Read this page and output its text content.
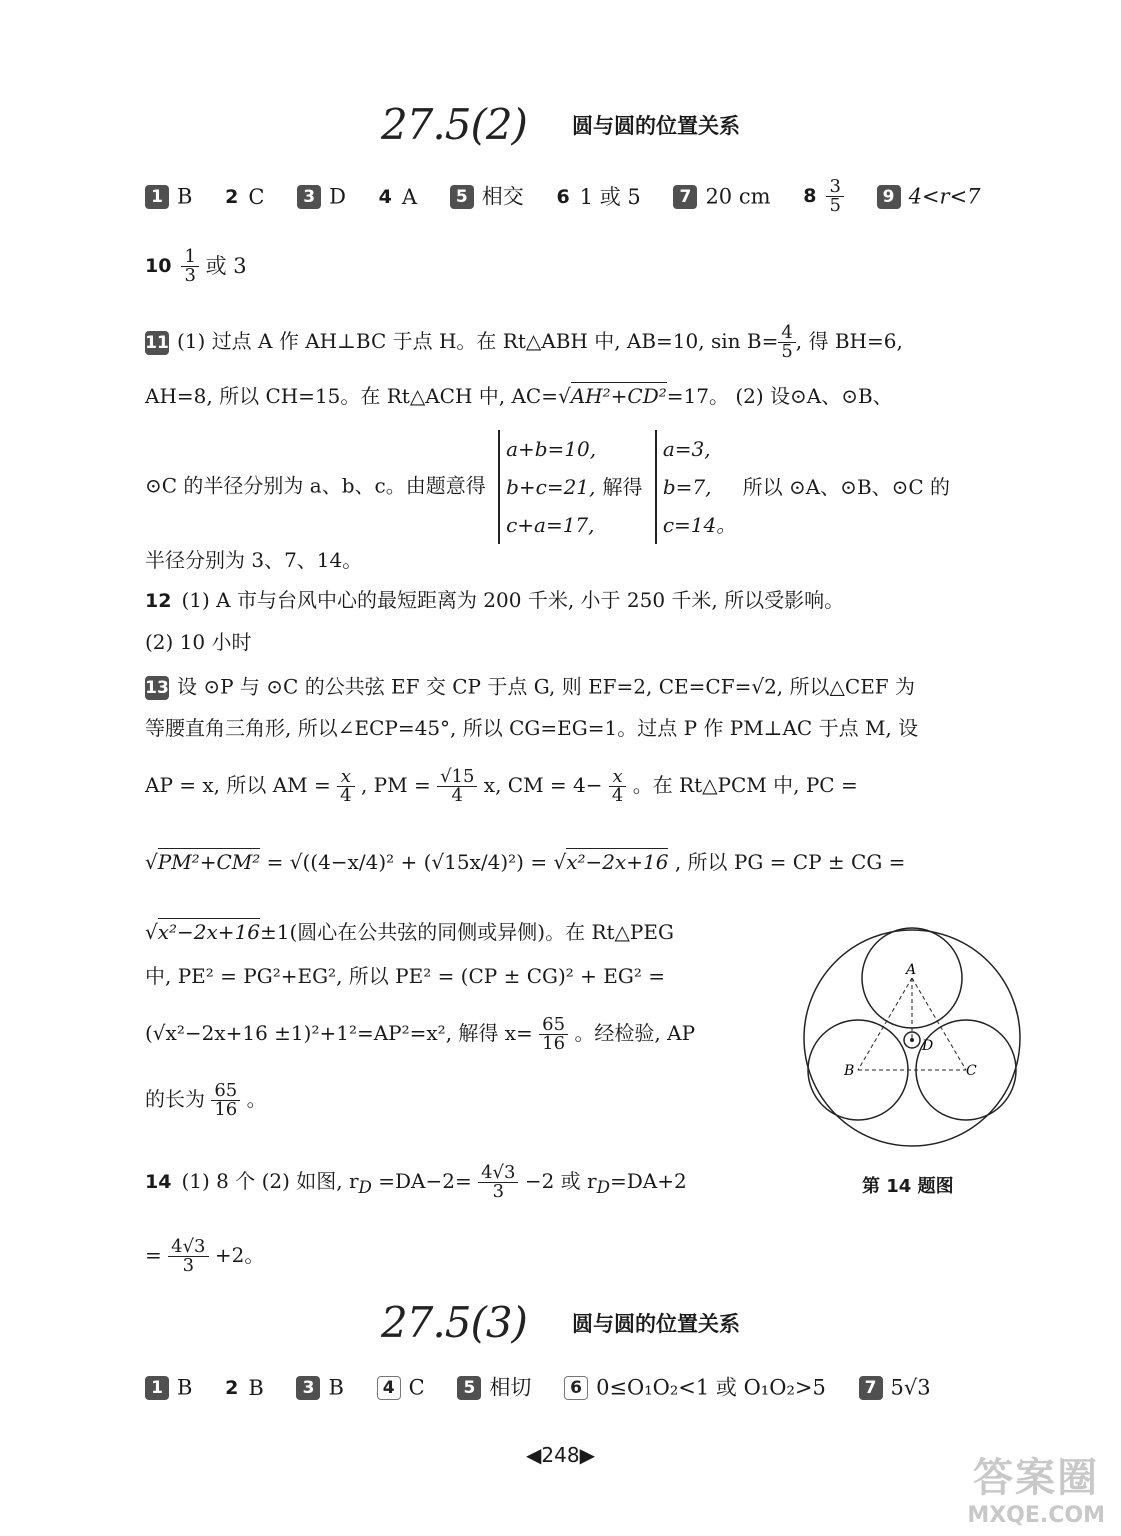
27.5(2) 圆与圆的位置关系
1 B 2 C 3 D 4 A 5 相交 6 1 或 5 7 20 cm $8 \frac{3}{5} 9$ 4<r<7
$10 \frac{1}{3}$ 或 3
11 (1) 过点 A 作 AH⊥BC 于点 H。在 Rt△ABH 中, AB=10, $\sin B= \frac{4}{5}$ , 得 BH=6,
AH=8, 所以 CH=15。在 Rt△ACH 中, AC=√AH²+CD²=17。 (2) 设⊙A、⊙B、
⊙C 的半径分别为 a、b、c。由题意得
a+b=10,
b+c=21,
c+a=17,
解得
a=3,
b=7,
c=14。
所以 ⊙A、⊙B、⊙C 的
半径分别为 3、7、14。
12 (1) A 市与台风中心的最短距离为 200 千米, 小于 250 千米, 所以受影响。
(2) 10 小时
13 设 ⊙P 与 ⊙C 的公共弦 EF 交 CP 于点 G, 则 EF=2, CE=CF=√2, 所以△CEF 为
等腰直角三角形, 所以∠ECP=45°, 所以 CG=EG=1。过点 P 作 PM⊥AC 于点 M, 设
AP = x, 所以 AM = $\frac{x}{4}$ , PM = $\frac{√15}{4} x$, CM = $4- \frac{x}{4}$ 。在 Rt△PCM 中, PC =
√PM²+CM² = √((4−x/4)² + (√15x/4)²) = √x²−2x+16 , 所以 PG = CP ± CG =
√x²−2x+16±1(圆心在公共弦的同侧或异侧)。在 Rt△PEG
中, PE² = PG²+EG², 所以 PE² = (CP ± CG)² + EG² =
(√x²−2x+16 ±1)²+1²=AP²=x², 解得 $x= \frac{65}{16}$ 。经检验, AP
的长为 $\frac{65}{16}$ 。
A
B	C
D
第 14 题图
14 (1) 8 个 (2) 如图, $r_D =DA-2= \frac{4√3}{3} -2$ 或 $r_D=DA+2$
= $\frac{4√3}{3} +2$。
27.5(3) 圆与圆的位置关系
1 B 2 B 3 B 4 C 5 相切 6 0≤O₁O₂<1 或 O₁O₂>5 7 5√3
◀248▶	答案圈
MXQE.COM
